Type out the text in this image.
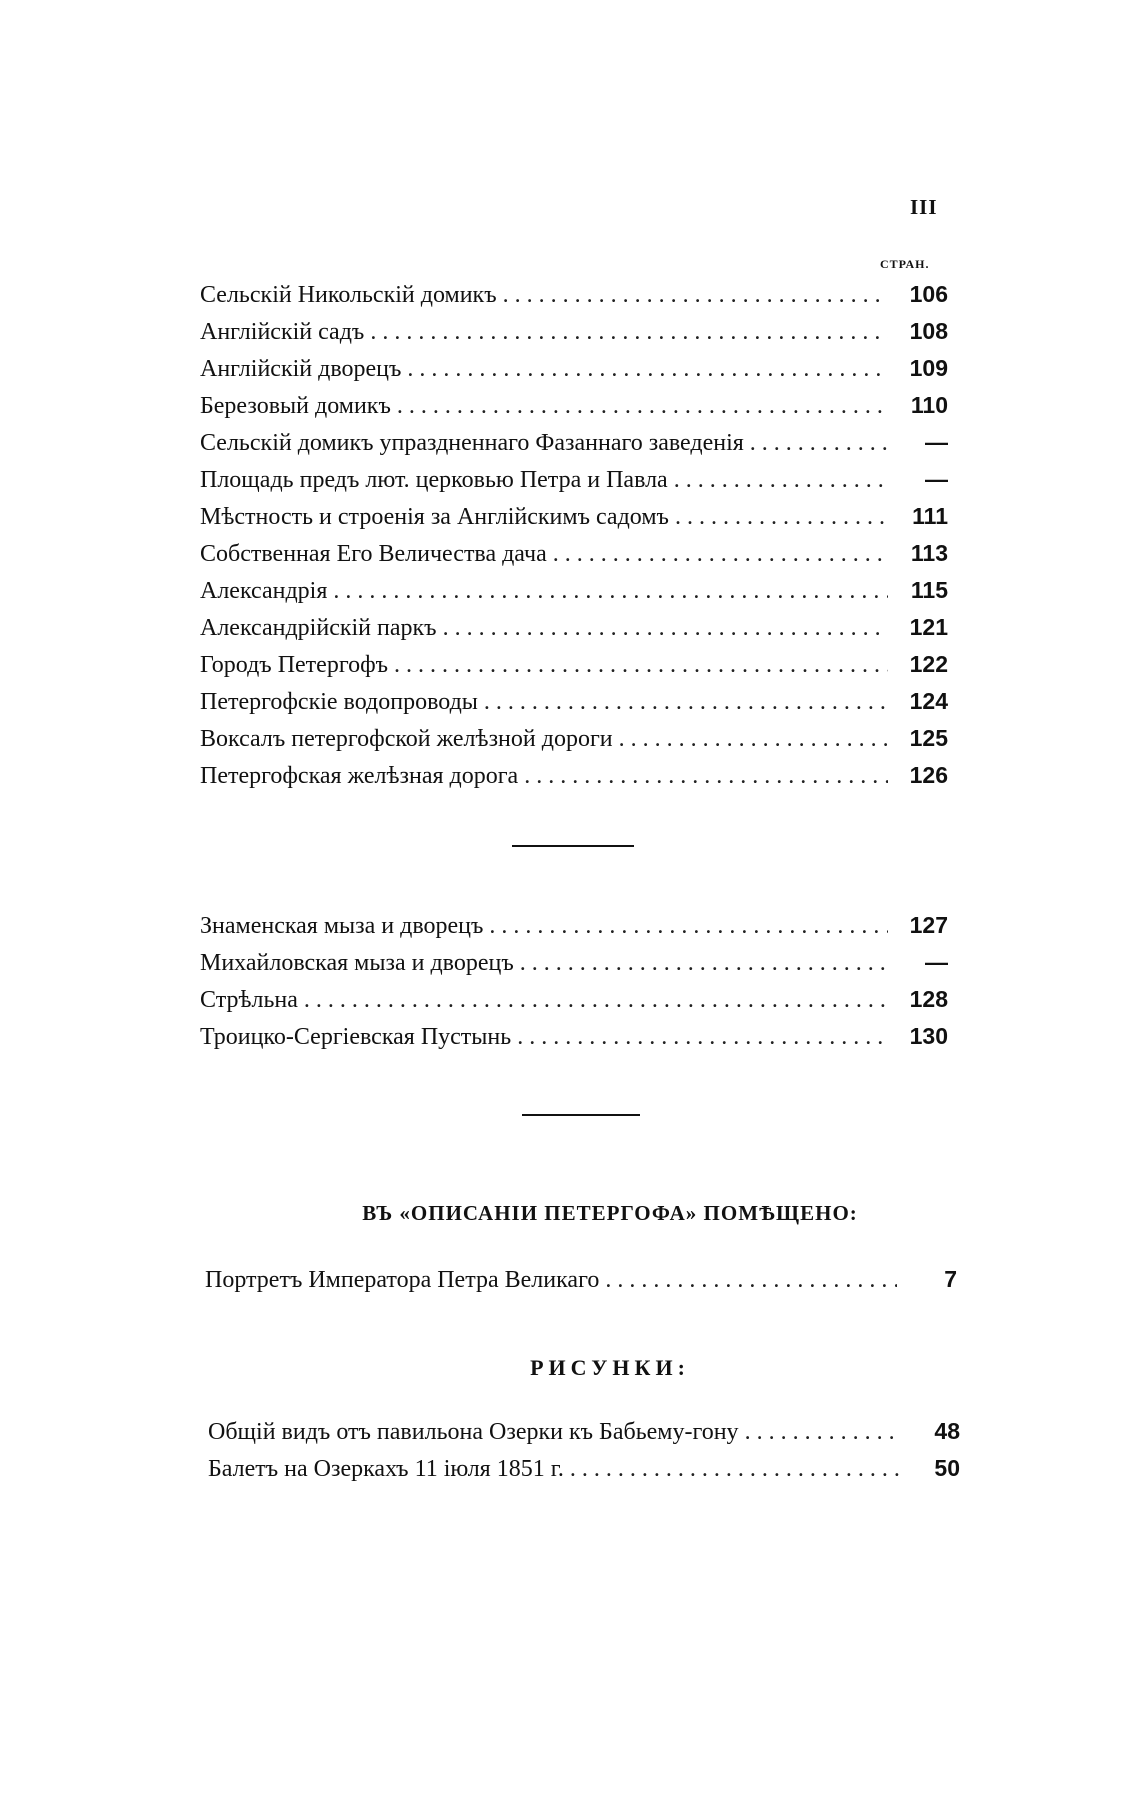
III
СТРАН.
Сельскій Никольскій домикъ . . .	106
Англійскій садъ . . .	108
Англійскій дворецъ . . .	109
Березовый домикъ . . .	110
Сельскій домикъ упраздненнаго Фазаннаго заведенія . . .	—
Площадь предъ лют. церковью Петра и Павла . . .	—
Мѣстность и строенія за Англійскимъ садомъ . . .	111
Собственная Его Величества дача . . .	113
Александрія . . .	115
Александрійскій паркъ . . .	121
Городъ Петергофъ . . .	122
Петергофскіе водопроводы . . .	124
Воксалъ петергофской желѣзной дороги . . .	125
Петергофская желѣзная дорога . . .	126
Знаменская мыза и дворецъ . . .	127
Михайловская мыза и дворецъ . . .	—
Стрѣльна . . .	128
Троицко-Сергіевская Пустынь . . .	130
ВЪ «ОПИСАНІИ ПЕТЕРГОФА» ПОМѢЩЕНО:
Портретъ Императора Петра Великаго . . .	7
РИСУНКИ:
Общій видъ отъ павильона Озерки къ Бабьему-гону . . .	48
Балетъ на Озеркахъ 11 іюля 1851 г. . . .	50
